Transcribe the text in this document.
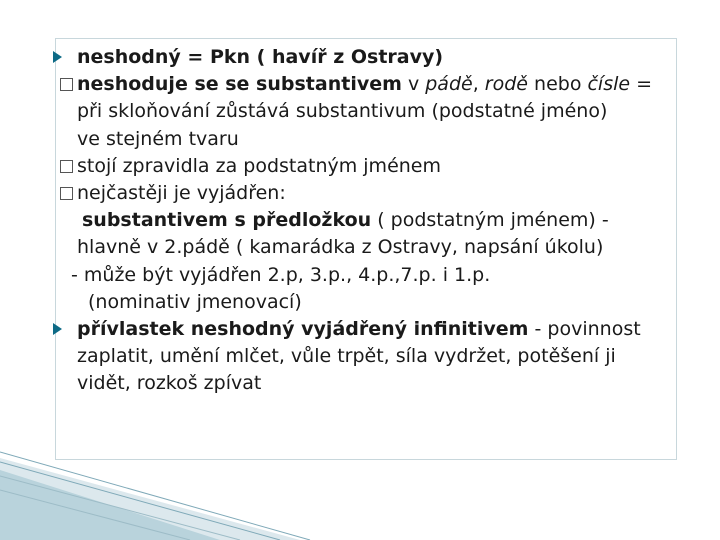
neshodný = Pkn ( havíř z Ostravy)
neshoduje se se substantivem v pádě, rodě nebo čísle =
při skloňování zůstává substantivum (podstatné jméno)
ve stejném tvaru
stojí zpravidla za podstatným jménem
nejčastěji je vyjádřen:
substantivem s předložkou ( podstatným jménem) -
hlavně v 2.pádě ( kamarádka z Ostravy, napsání úkolu)
- může být vyjádřen 2.p, 3.p., 4.p.,7.p. i 1.p.
(nominativ jmenovací)
přívlastek neshodný vyjádřený infinitivem - povinnost
zaplatit, umění mlčet, vůle trpět, síla vydržet, potěšení ji
vidět, rozkoš zpívat
